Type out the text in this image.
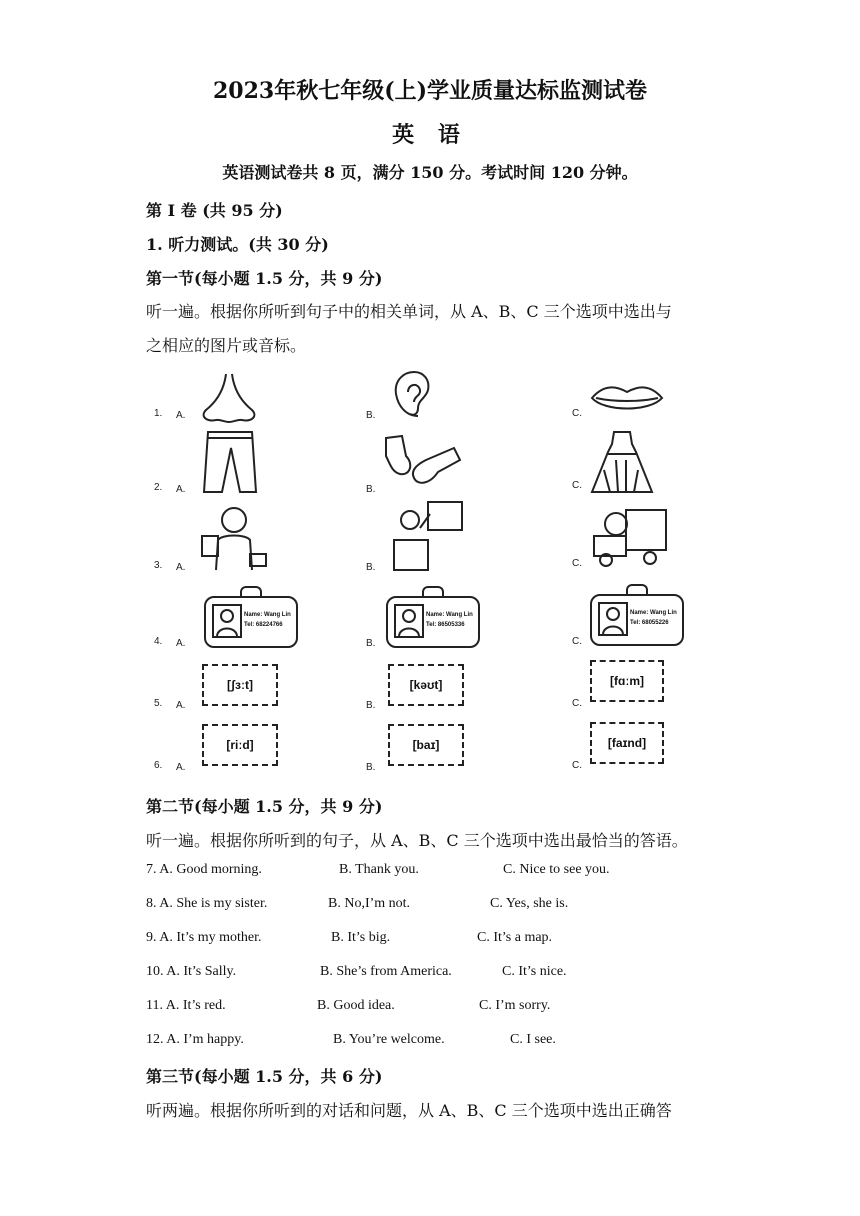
2023年秋七年级(上)学业质量达标监测试卷
英 语
英语测试卷共 8 页，满分 150 分。考试时间 120 分钟。
第 Ⅰ 卷 (共 95 分)
1. 听力测试。(共 30 分)
第一节(每小题 1.5 分，共 9 分)
听一遍。根据你所听到句子中的相关单词，从 A、B、C 三个选项中选出与
之相应的图片或音标。
1. A.	B.	C.
2. A.	B.	C.
3. A.	B.	C.
4. A.
Name: Wang Lin
Tel: 68224766
B.
Name: Wang Lin
Tel: 86505336
C.
Name: Wang Lin
Tel: 68055226
5. A.
[ʃɜːt]
B.
[kəʊt]
C.
[fɑːm]
6. A.
[riːd]
B.
[baɪ]
C.
[faɪnd]
第二节(每小题 1.5 分，共 9 分)
听一遍。根据你所听到的句子，从 A、B、C 三个选项中选出最恰当的答语。
7. A. Good morning.	B. Thank you.	C. Nice to see you.
8. A. She is my sister.	B. No,I’m not.	C. Yes, she is.
9. A. It’s my mother.	B. It’s big.	C. It’s a map.
10. A. It’s Sally.	B. She’s from America.	C. It’s nice.
11. A. It’s red.	B. Good idea.	C. I’m sorry.
12. A. I’m happy.	B. You’re welcome.	C. I see.
第三节(每小题 1.5 分，共 6 分)
听两遍。根据你所听到的对话和问题，从 A、B、C 三个选项中选出正确答
